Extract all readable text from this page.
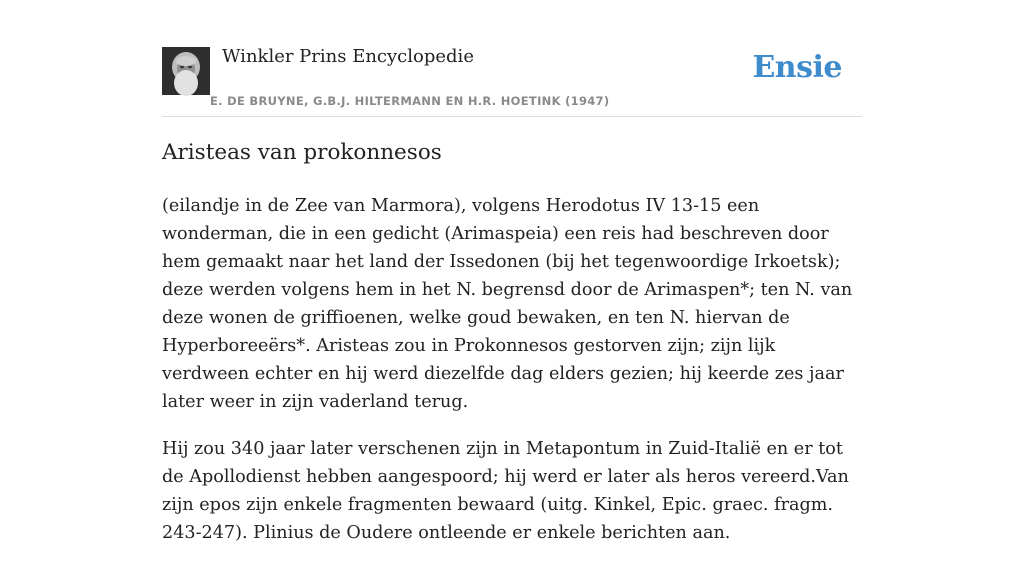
Winkler Prins Encyclopedie
E. DE BRUYNE, G.B.J. HILTERMANN EN H.R. HOETINK (1947)
Ensie
Aristeas van prokonnesos

(eilandje in de Zee van Marmora), volgens Herodotus IV 13-15 een wonderman, die in een gedicht (Arimaspeia) een reis had beschreven door hem gemaakt naar het land der Issedonen (bij het tegenwoordige Irkoetsk); deze werden volgens hem in het N. begrensd door de Arimaspen*; ten N. van deze wonen de griffioenen, welke goud bewaken, en ten N. hiervan de Hyperboreeërs*. Aristeas zou in Prokonnesos gestorven zijn; zijn lijk verdween echter en hij werd diezelfde dag elders gezien; hij keerde zes jaar later weer in zijn vaderland terug.

Hij zou 340 jaar later verschenen zijn in Metapontum in Zuid-Italië en er tot de Apollodienst hebben aangespoord; hij werd er later als heros vereerd.Van zijn epos zijn enkele fragmenten bewaard (uitg. Kinkel, Epic. graec. fragm. 243-247). Plinius de Oudere ontleende er enkele berichten aan.
